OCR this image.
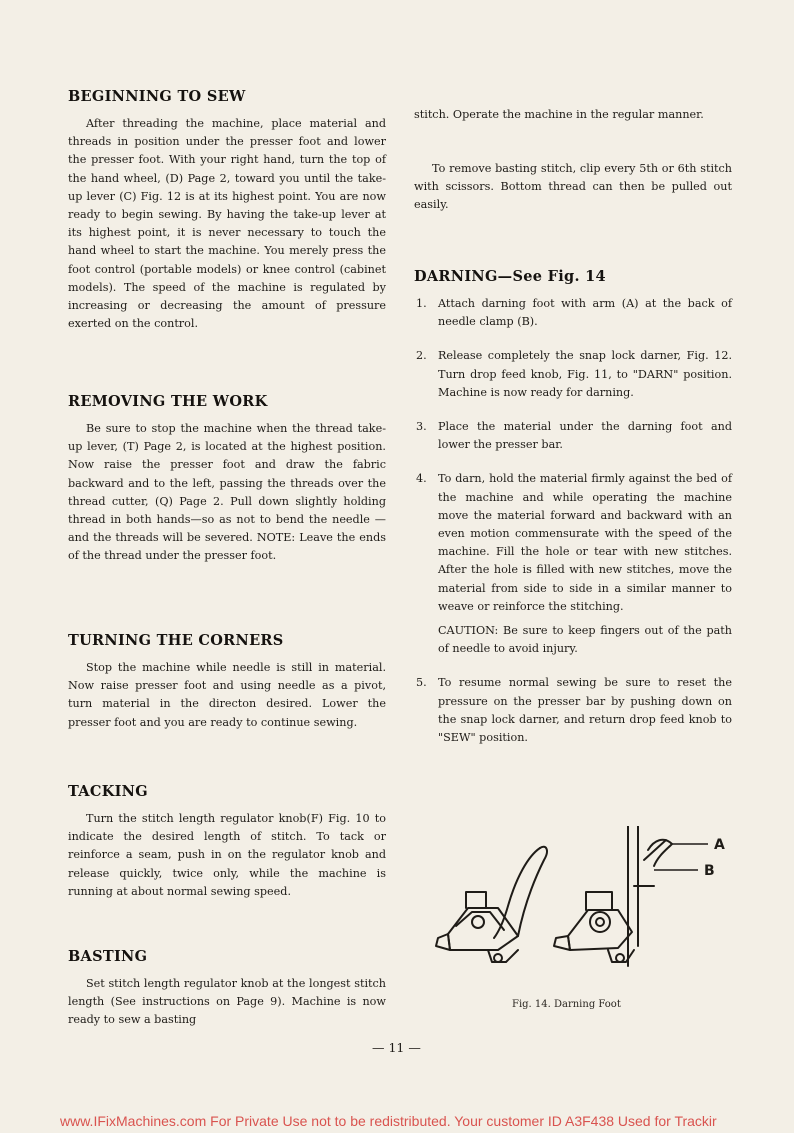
BEGINNING TO SEW

After threading the machine, place material and threads in position under the presser foot and lower the presser foot. With your right hand, turn the top of the hand wheel, (D) Page 2, toward you until the take-up lever (C) Fig. 12 is at its highest point. You are now ready to begin sewing. By having the take-up lever at its highest point, it is never necessary to touch the hand wheel to start the machine. You merely press the foot control (portable models) or knee control (cabinet models). The speed of the machine is regulated by increasing or decreasing the amount of pressure exerted on the control.

REMOVING THE WORK

Be sure to stop the machine when the thread take-up lever, (T) Page 2, is located at the highest position. Now raise the presser foot and draw the fabric backward and to the left, passing the threads over the thread cutter, (Q) Page 2. Pull down slightly holding thread in both hands—so as not to bend the needle — and the threads will be severed. NOTE: Leave the ends of the thread under the presser foot.

TURNING THE CORNERS

Stop the machine while needle is still in material. Now raise presser foot and using needle as a pivot, turn material in the directon desired. Lower the presser foot and you are ready to continue sewing.

TACKING

Turn the stitch length regulator knob(F) Fig. 10 to indicate the desired length of stitch. To tack or reinforce a seam, push in on the regulator knob and release quickly, twice only, while the machine is running at about normal sewing speed.

BASTING

Set stitch length regulator knob at the longest stitch length (See instructions on Page 9). Machine is now ready to sew a basting

stitch. Operate the machine in the regular manner.

To remove basting stitch, clip every 5th or 6th stitch with scissors. Bottom thread can then be pulled out easily.

DARNING—See Fig. 14
1. Attach darning foot with arm (A) at the back of needle clamp (B).
2. Release completely the snap lock darner, Fig. 12. Turn drop feed knob, Fig. 11, to "DARN" position. Machine is now ready for darning.
3. Place the material under the darning foot and lower the presser bar.
4. To darn, hold the material firmly against the bed of the machine and while operating the machine move the material forward and backward with an even motion commensurate with the speed of the machine. Fill the hole or tear with new stitches. After the hole is filled with new stitches, move the material from side to side in a similar manner to weave or reinforce the stitching.

CAUTION: Be sure to keep fingers out of the path of needle to avoid injury.

5. To resume normal sewing be sure to reset the pressure on the presser bar by pushing down on the snap lock darner, and return drop feed knob to "SEW" position.
A
B
Fig. 14. Darning Foot
— 11 —
www.IFixMachines.com For Private Use not to be redistributed. Your customer ID A3F438 Used for Trackir
